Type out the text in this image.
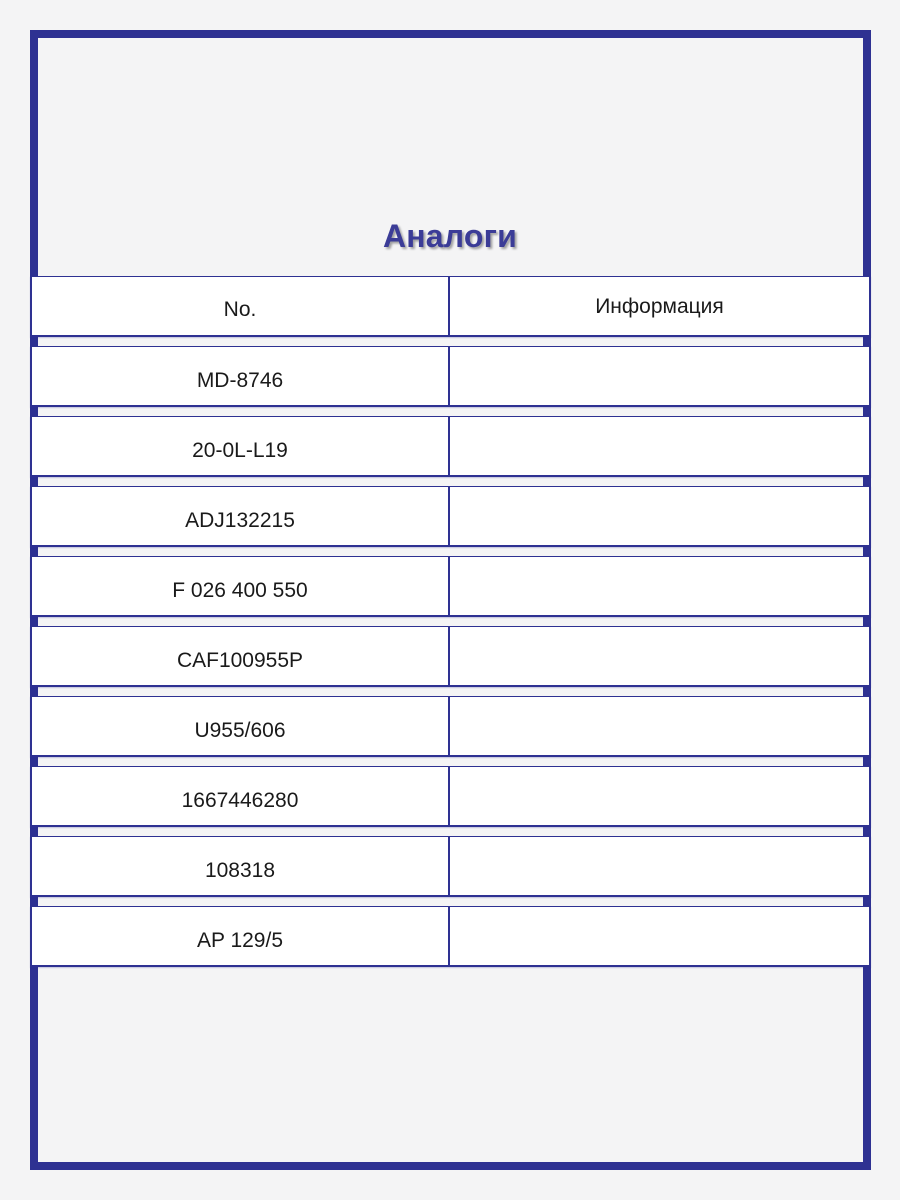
Аналоги
No.	Информация
MD-8746
20-0L-L19
ADJ132215
F 026 400 550
CAF100955P
U955/606
1667446280
108318
AP 129/5
